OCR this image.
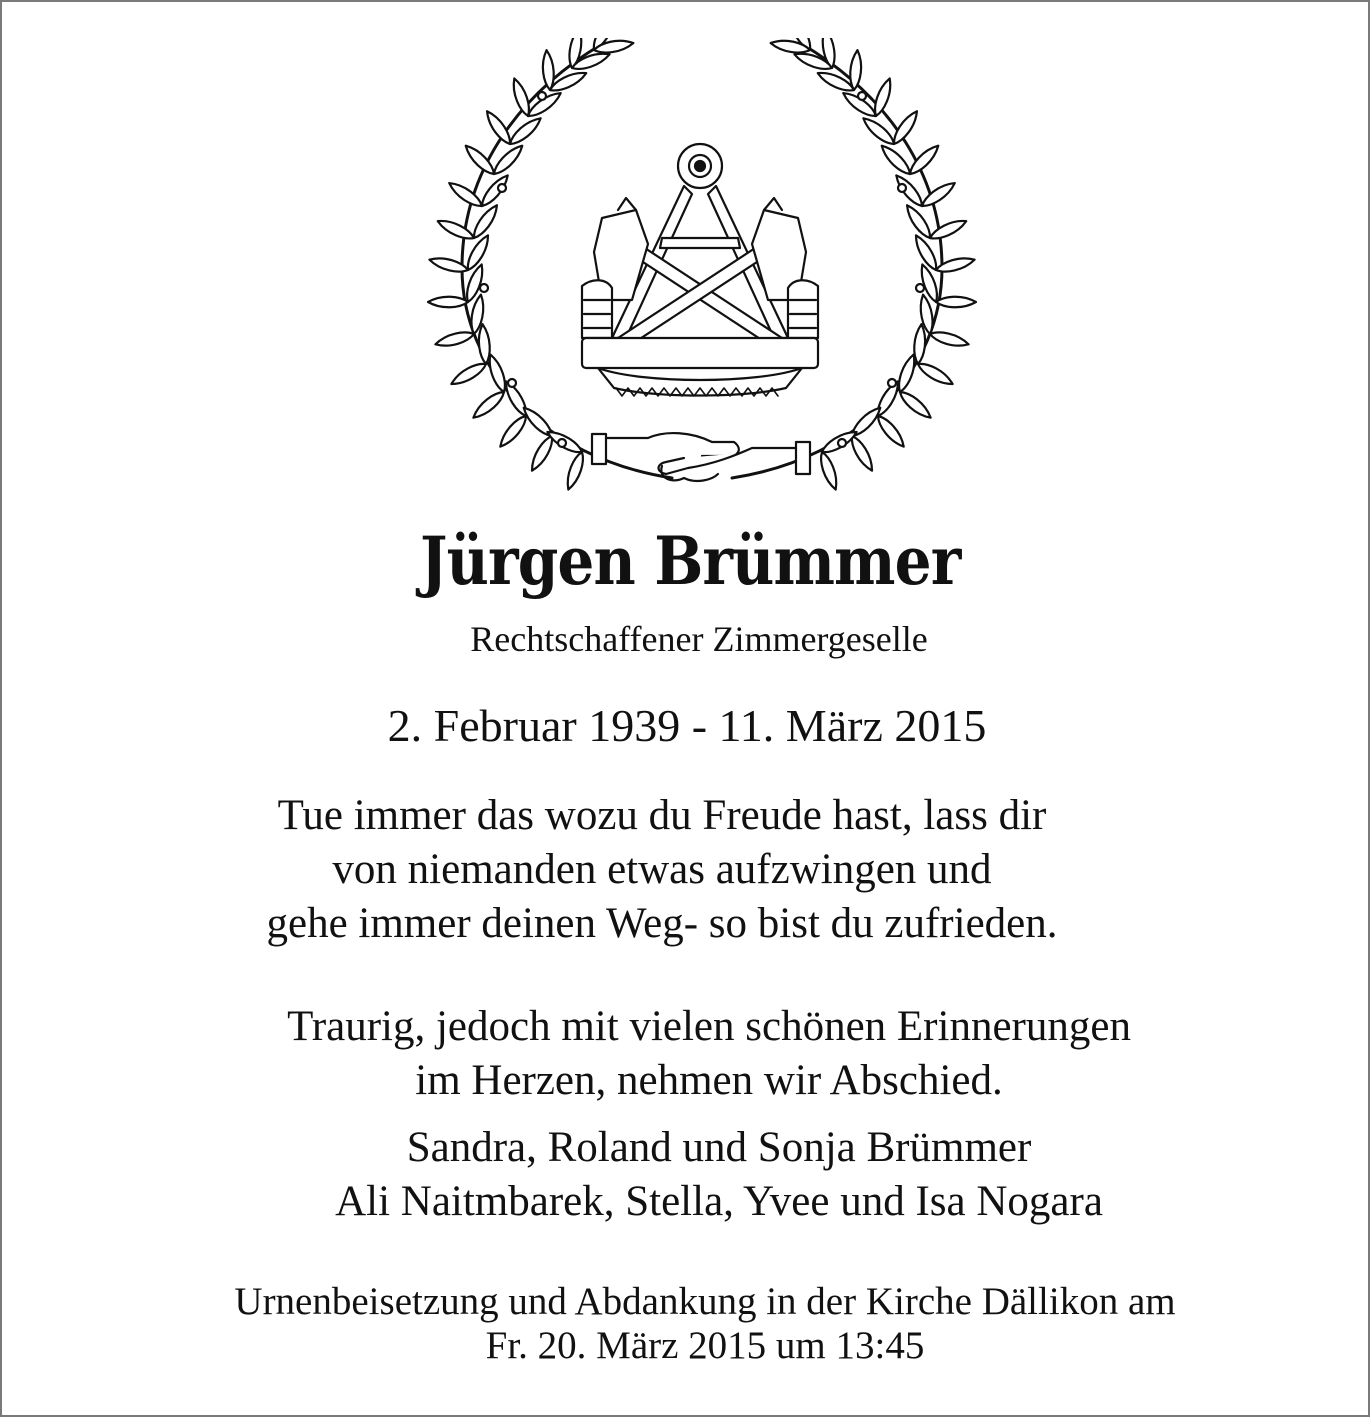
Jürgen Brümmer
Rechtschaffener Zimmergeselle
2. Februar 1939 - 11. März 2015
Tue immer das wozu du Freude hast, lass dir
von niemanden etwas aufzwingen und
gehe immer deinen Weg- so bist du zufrieden.
Traurig, jedoch mit vielen schönen Erinnerungen
im Herzen, nehmen wir Abschied.
Sandra, Roland und Sonja Brümmer
Ali Naitmbarek, Stella, Yvee und Isa Nogara
Urnenbeisetzung und Abdankung in der Kirche Dällikon am
Fr. 20. März 2015 um 13:45
